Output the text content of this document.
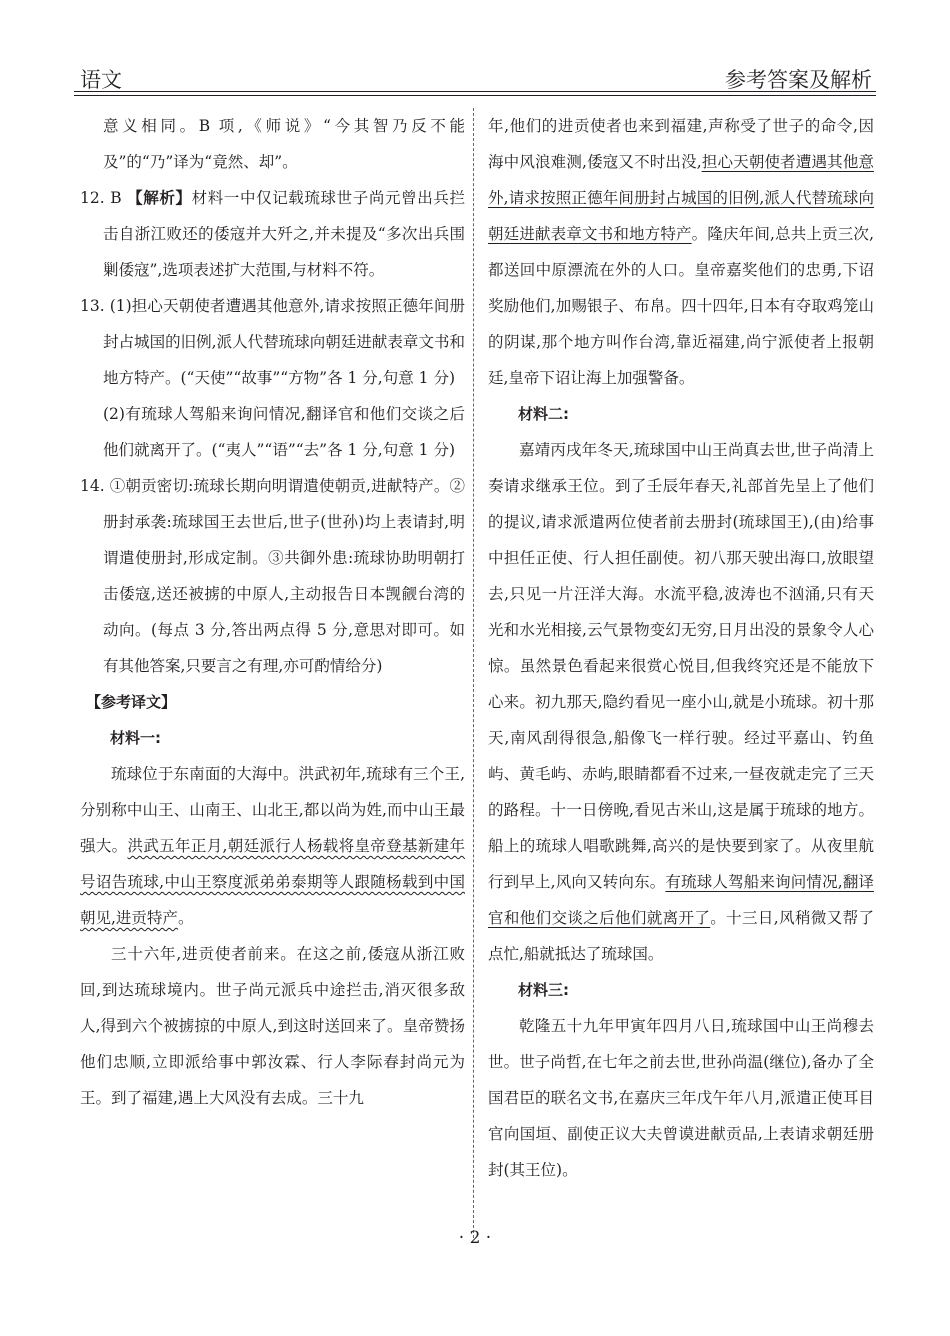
语文	参考答案及解析

意义相同。B 项,《师说》“今其智乃反不能及”的“乃”译为“竟然、却”。

12. B 【解析】材料一中仅记载琉球世子尚元曾出兵拦击自浙江败还的倭寇并大歼之,并未提及“多次出兵围剿倭寇”,选项表述扩大范围,与材料不符。

13. (1)担心天朝使者遭遇其他意外,请求按照正德年间册封占城国的旧例,派人代替琉球向朝廷进献表章文书和地方特产。(“天使”“故事”“方物”各 1 分,句意 1 分)

(2)有琉球人驾船来询问情况,翻译官和他们交谈之后他们就离开了。(“夷人”“语”“去”各 1 分,句意 1 分)

14. ①朝贡密切:琉球长期向明谓遣使朝贡,进献特产。②册封承袭:琉球国王去世后,世子(世孙)均上表请封,明谓遣使册封,形成定制。③共御外患:琉球协助明朝打击倭寇,送还被掳的中原人,主动报告日本觊觎台湾的动向。(每点 3 分,答出两点得 5 分,意思对即可。如有其他答案,只要言之有理,亦可酌情给分)

【参考译文】

材料一:

琉球位于东南面的大海中。洪武初年,琉球有三个王,分别称中山王、山南王、山北王,都以尚为姓,而中山王最强大。洪武五年正月,朝廷派行人杨载将皇帝登基新建年号诏告琉球,中山王察度派弟弟泰期等人跟随杨载到中国朝见,进贡特产。

三十六年,进贡使者前来。在这之前,倭寇从浙江败回,到达琉球境内。世子尚元派兵中途拦击,消灭很多敌人,得到六个被掳掠的中原人,到这时送回来了。皇帝赞扬他们忠顺,立即派给事中郭汝霖、行人李际春封尚元为王。到了福建,遇上大风没有去成。三十九

年,他们的进贡使者也来到福建,声称受了世子的命令,因海中风浪难测,倭寇又不时出没,担心天朝使者遭遇其他意外,请求按照正德年间册封占城国的旧例,派人代替琉球向朝廷进献表章文书和地方特产。隆庆年间,总共上贡三次,都送回中原漂流在外的人口。皇帝嘉奖他们的忠勇,下诏奖励他们,加赐银子、布帛。四十四年,日本有夺取鸡笼山的阴谋,那个地方叫作台湾,靠近福建,尚宁派使者上报朝廷,皇帝下诏让海上加强警备。

材料二:

嘉靖丙戌年冬天,琉球国中山王尚真去世,世子尚清上奏请求继承王位。到了壬辰年春天,礼部首先呈上了他们的提议,请求派遣两位使者前去册封(琉球国王),(由)给事中担任正使、行人担任副使。初八那天驶出海口,放眼望去,只见一片汪洋大海。水流平稳,波涛也不汹涌,只有天光和水光相接,云气景物变幻无穷,日月出没的景象令人心惊。虽然景色看起来很赏心悦目,但我终究还是不能放下心来。初九那天,隐约看见一座小山,就是小琉球。初十那天,南风刮得很急,船像飞一样行驶。经过平嘉山、钓鱼屿、黄毛屿、赤屿,眼睛都看不过来,一昼夜就走完了三天的路程。十一日傍晚,看见古米山,这是属于琉球的地方。船上的琉球人唱歌跳舞,高兴的是快要到家了。从夜里航行到早上,风向又转向东。有琉球人驾船来询问情况,翻译官和他们交谈之后他们就离开了。十三日,风稍微又帮了点忙,船就抵达了琉球国。

材料三:

乾隆五十九年甲寅年四月八日,琉球国中山王尚穆去世。世子尚哲,在七年之前去世,世孙尚温(继位),备办了全国君臣的联名文书,在嘉庆三年戊午年八月,派遣正使耳目官向国垣、副使正议大夫曾谟进献贡品,上表请求朝廷册封(其王位)。

· 2 ·
